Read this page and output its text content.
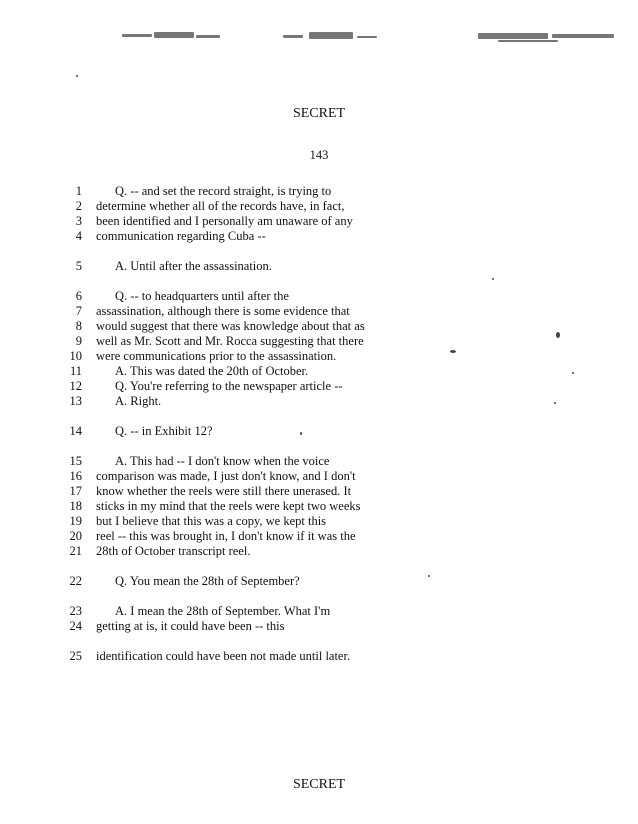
SECRET
143
1	Q. -- and set the record straight, is trying to
2 determine whether all of the records have, in fact,
3 been identified and I personally am unaware of any
4 communication regarding Cuba --
5	A. Until after the assassination.
6	Q. -- to headquarters until after the
7 assassination, although there is some evidence that
8 would suggest that there was knowledge about that as
9 well as Mr. Scott and Mr. Rocca suggesting that there
10 were communications prior to the assassination.
11	A. This was dated the 20th of October.
12	Q. You're referring to the newspaper article --
13	A. Right.
14	Q. -- in Exhibit 12?
15	A. This had -- I don't know when the voice
16 comparison was made, I just don't know, and I don't
17 know whether the reels were still there unerased. It
18 sticks in my mind that the reels were kept two weeks
19 but I believe that this was a copy, we kept this
20 reel -- this was brought in, I don't know if it was the
21 28th of October transcript reel.
22	Q. You mean the 28th of September?
23	A. I mean the 28th of September. What I'm
24 getting at is, it could have been -- this
25 identification could have been not made until later.
SECRET
